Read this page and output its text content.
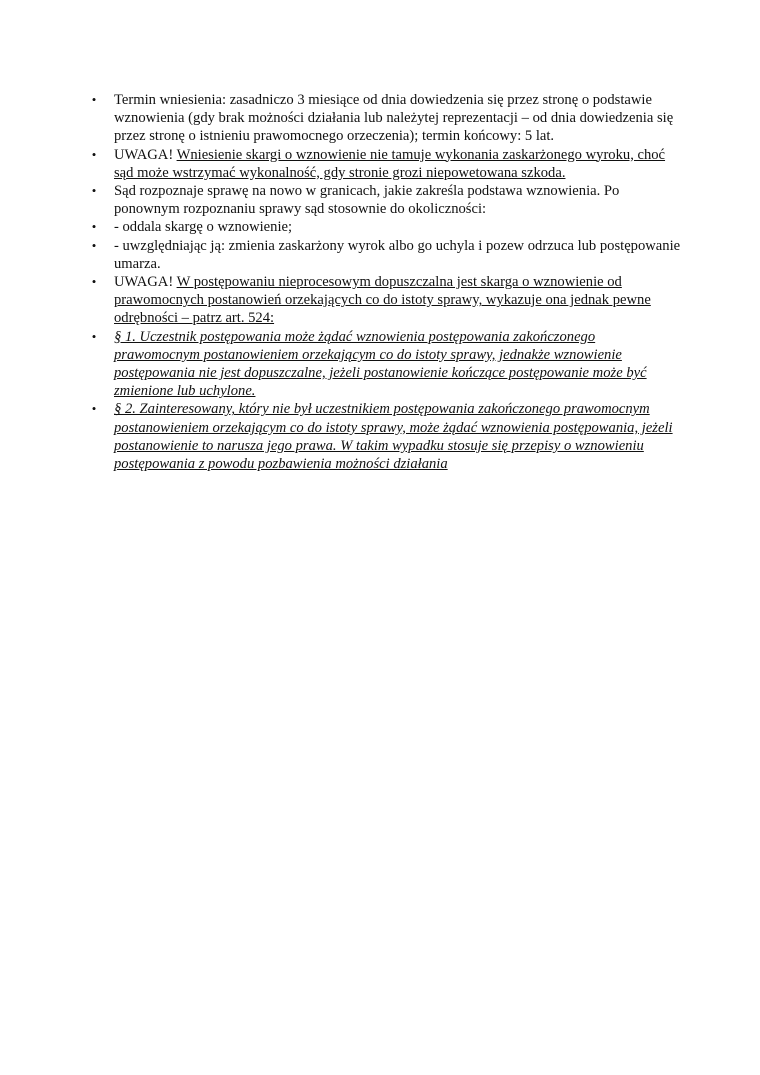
• Termin wniesienia: zasadniczo 3 miesiące od dnia dowiedzenia się przez stronę o podstawie wznowienia (gdy brak możności działania lub należytej reprezentacji – od dnia dowiedzenia się przez stronę o istnieniu prawomocnego orzeczenia); termin końcowy: 5 lat.
• UWAGA! Wniesienie skargi o wznowienie nie tamuje wykonania zaskarżonego wyroku, choć sąd może wstrzymać wykonalność, gdy stronie grozi niepowetowana szkoda.
• Sąd rozpoznaje sprawę na nowo w granicach, jakie zakreśla podstawa wznowienia. Po ponownym rozpoznaniu sprawy sąd stosownie do okoliczności:
• - oddala skargę o wznowienie;
• - uwzględniając ją: zmienia zaskarżony wyrok albo go uchyla i pozew odrzuca lub postępowanie umarza.
• UWAGA! W postępowaniu nieprocesowym dopuszczalna jest skarga o wznowienie od prawomocnych postanowień orzekających co do istoty sprawy, wykazuje ona jednak pewne odrębności – patrz art. 524:
• § 1. Uczestnik postępowania może żądać wznowienia postępowania zakończonego prawomocnym postanowieniem orzekającym co do istoty sprawy, jednakże wznowienie postępowania nie jest dopuszczalne, jeżeli postanowienie kończące postępowanie może być zmienione lub uchylone.
• § 2. Zainteresowany, który nie był uczestnikiem postępowania zakończonego prawomocnym postanowieniem orzekającym co do istoty sprawy, może żądać wznowienia postępowania, jeżeli postanowienie to narusza jego prawa. W takim wypadku stosuje się przepisy o wznowieniu postępowania z powodu pozbawienia możności działania
